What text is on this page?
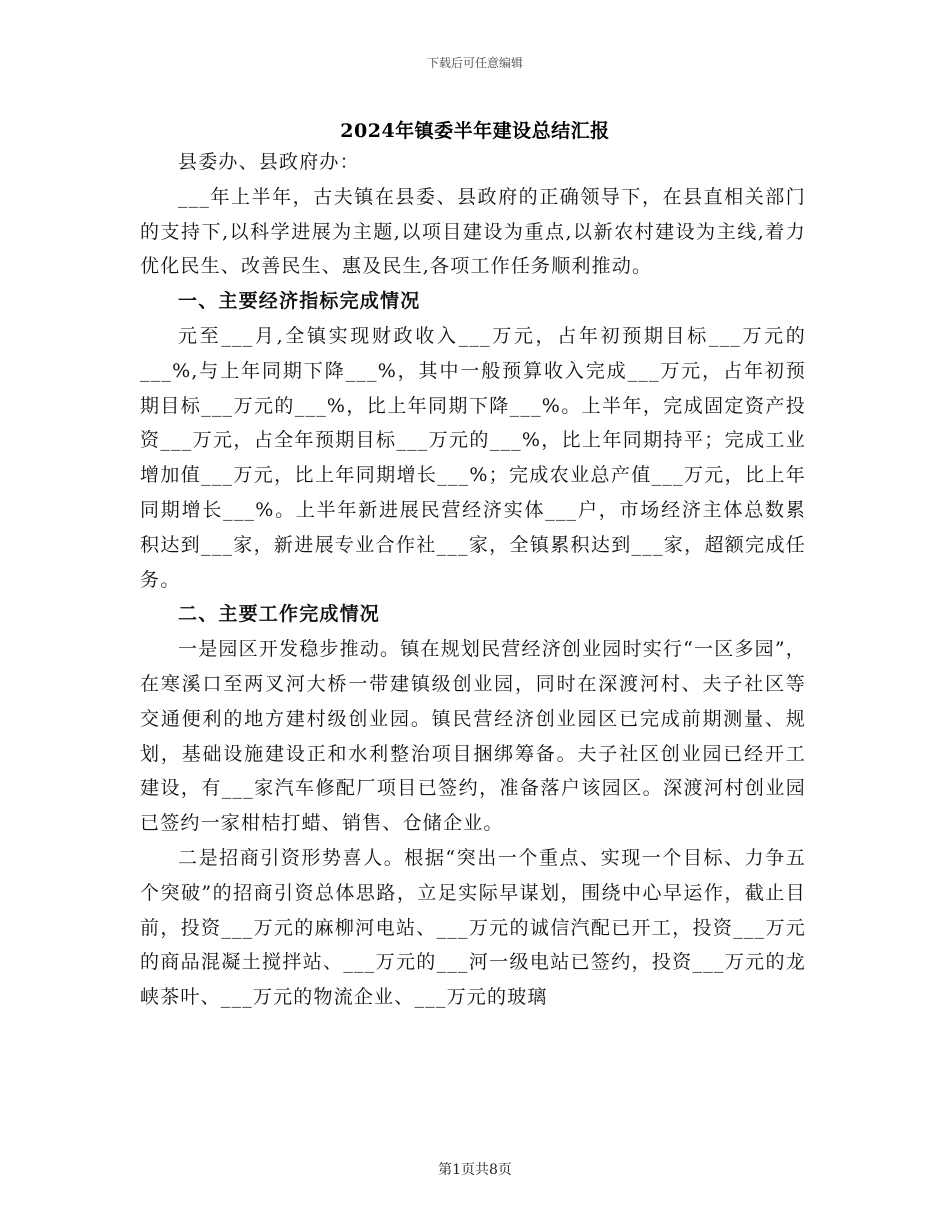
下载后可任意编辑
2024年镇委半年建设总结汇报

县委办、县政府办：

___年上半年，古夫镇在县委、县政府的正确领导下，在县直相关部门的支持下,以科学进展为主题,以项目建设为重点,以新农村建设为主线,着力优化民生、改善民生、惠及民生,各项工作任务顺利推动。

一、主要经济指标完成情况

元至___月,全镇实现财政收入___万元，占年初预期目标___万元的___%,与上年同期下降___%，其中一般预算收入完成___万元，占年初预期目标___万元的___%，比上年同期下降___%。上半年，完成固定资产投资___万元，占全年预期目标___万元的___%，比上年同期持平；完成工业增加值___万元，比上年同期增长___%；完成农业总产值___万元，比上年同期增长___%。上半年新进展民营经济实体___户，市场经济主体总数累积达到___家，新进展专业合作社___家，全镇累积达到___家，超额完成任务。

二、主要工作完成情况

一是园区开发稳步推动。镇在规划民营经济创业园时实行“一区多园”，在寒溪口至两叉河大桥一带建镇级创业园，同时在深渡河村、夫子社区等交通便利的地方建村级创业园。镇民营经济创业园区已完成前期测量、规划，基础设施建设正和水利整治项目捆绑筹备。夫子社区创业园已经开工建设，有___家汽车修配厂项目已签约，准备落户该园区。深渡河村创业园已签约一家柑桔打蜡、销售、仓储企业。

二是招商引资形势喜人。根据“突出一个重点、实现一个目标、力争五个突破”的招商引资总体思路，立足实际早谋划，围绕中心早运作，截止目前，投资___万元的麻柳河电站、___万元的诚信汽配已开工，投资___万元的商品混凝土搅拌站、___万元的___河一级电站已签约，投资___万元的龙峡茶叶、___万元的物流企业、___万元的玻璃

第1页共8页
